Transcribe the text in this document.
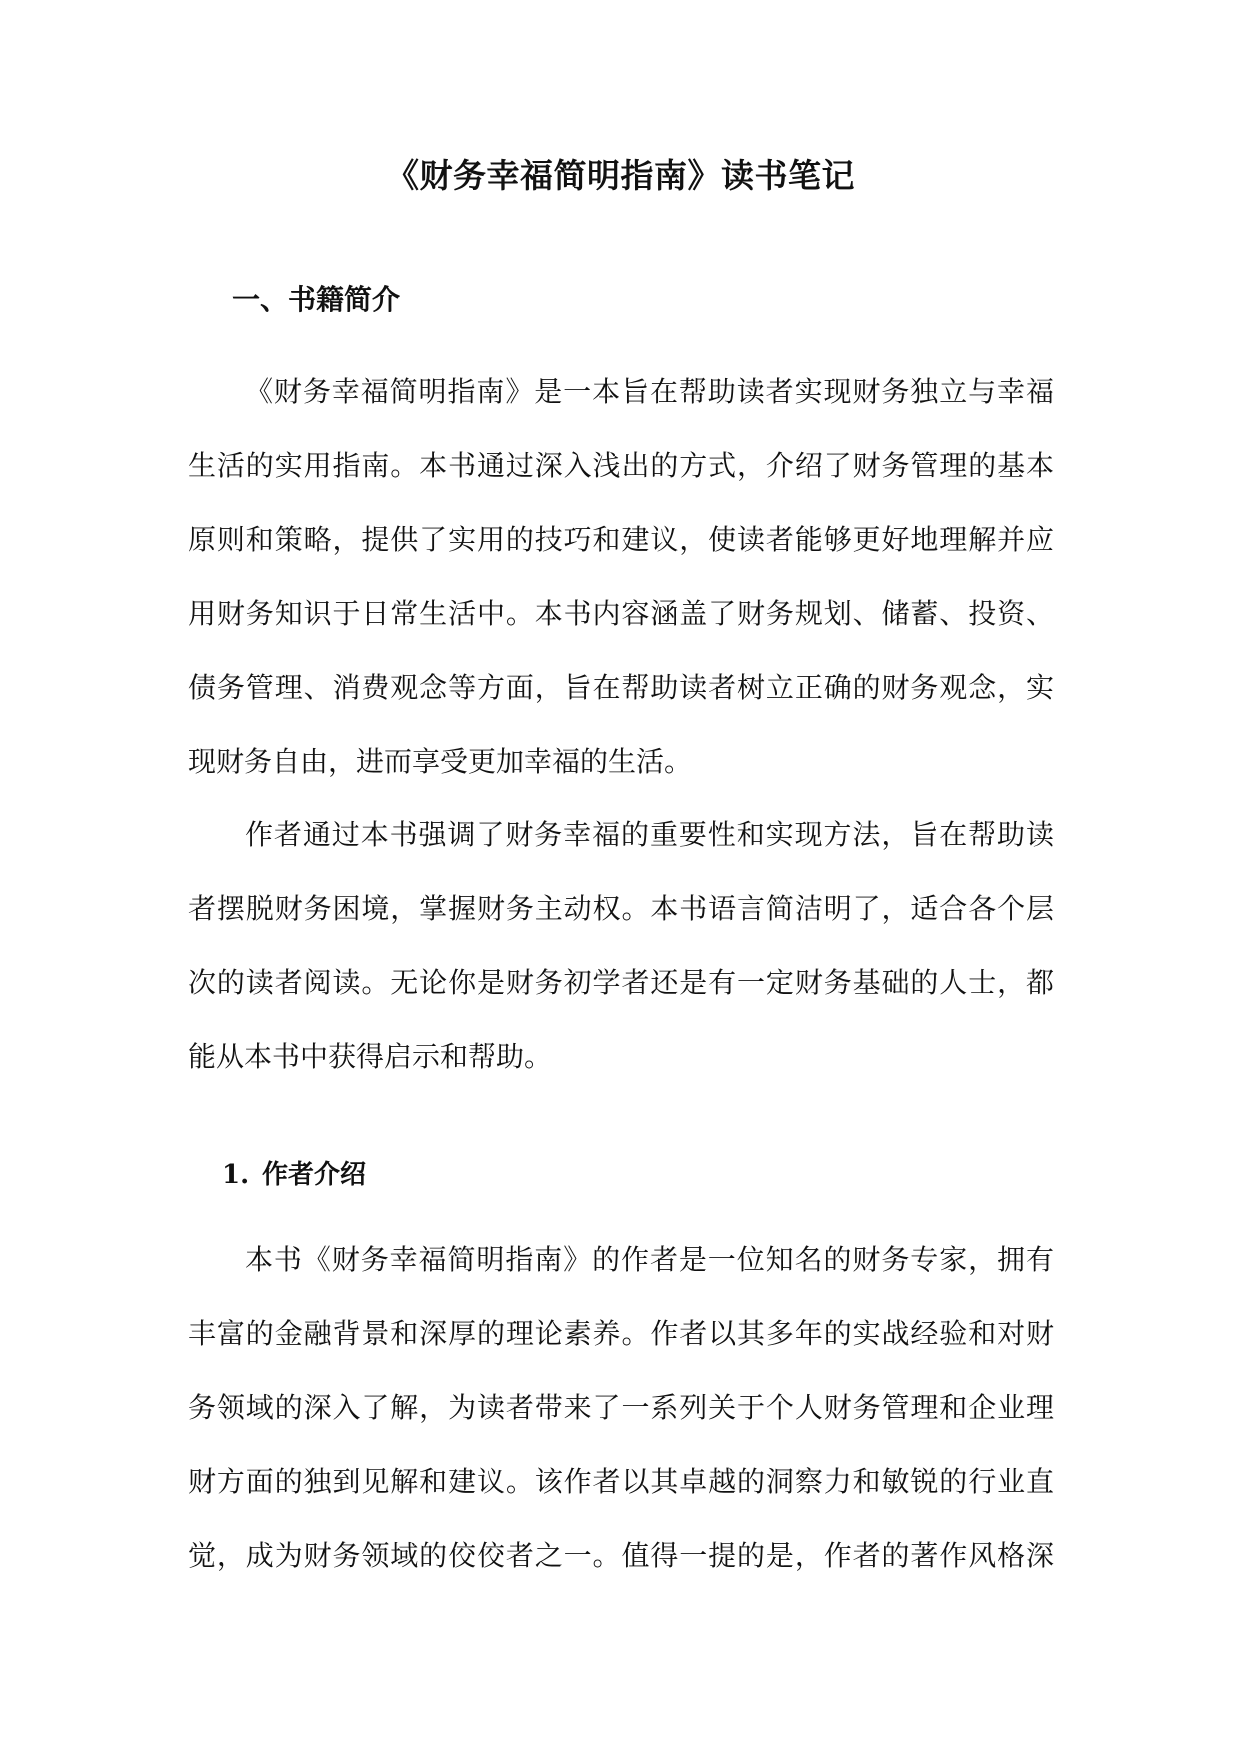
《财务幸福简明指南》读书笔记
一、书籍简介
《财务幸福简明指南》是一本旨在帮助读者实现财务独立与幸福
生活的实用指南。本书通过深入浅出的方式，介绍了财务管理的基本
原则和策略，提供了实用的技巧和建议，使读者能够更好地理解并应
用财务知识于日常生活中。本书内容涵盖了财务规划、储蓄、投资、
债务管理、消费观念等方面，旨在帮助读者树立正确的财务观念，实
现财务自由，进而享受更加幸福的生活。
作者通过本书强调了财务幸福的重要性和实现方法，旨在帮助读
者摆脱财务困境，掌握财务主动权。本书语言简洁明了，适合各个层
次的读者阅读。无论你是财务初学者还是有一定财务基础的人士，都
能从本书中获得启示和帮助。
1. 作者介绍
本书《财务幸福简明指南》的作者是一位知名的财务专家，拥有
丰富的金融背景和深厚的理论素养。作者以其多年的实战经验和对财
务领域的深入了解，为读者带来了一系列关于个人财务管理和企业理
财方面的独到见解和建议。该作者以其卓越的洞察力和敏锐的行业直
觉，成为财务领域的佼佼者之一。值得一提的是，作者的著作风格深
